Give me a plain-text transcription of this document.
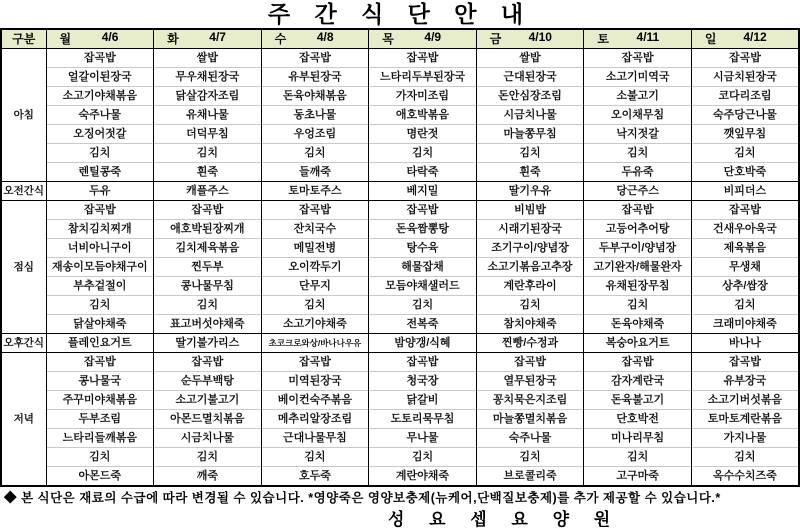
주 간 식 단 안 내
구분	월 4/6	화 4/7	수 4/8	목 4/9	금 4/10	토 4/11	일 4/12

아침	잡곡밥	쌀밥	잡곡밥	잡곡밥	쌀밥	잡곡밥	잡곡밥
	얼갈이된장국	무우채된장국	유부된장국	느타리두부된장국	근대된장국	소고기미역국	시금치된장국
	소고기야채볶음	닭살감자조림	돈육야채볶음	가자미조림	돈안심장조림	소불고기	코다리조림
	숙주나물	유채나물	동초나물	애호박볶음	시금치나물	오이채무침	숙주당근나물
	오징어젓갈	더덕무침	우엉조림	명란젓	마늘쫑무침	낙지젓갈	깻잎무침
	김치	김치	김치	김치	김치	김치	김치
	렌틸콩죽	흰죽	들깨죽	타락죽	흰죽	두유죽	단호박죽
오전간식	두유	캐플주스	토마토주스	베지밀	딸기우유	당근주스	비피더스
점심	잡곡밥	잡곡밥	잡곡밥	잡곡밥	비빔밥	잡곡밥	잡곡밥
	참치김치찌개	애호박된장찌개	잔치국수	돈육짬뽕탕	시래기된장국	고등어추어탕	건새우아욱국
	너비아니구이	김치제육볶음	메밀전병	탕수육	조기구이/양념장	두부구이/양념장	제육볶음
	재송이모듬야채구이	찐두부	오이깍두기	해물잡채	소고기볶음고추장	고기완자/해물완자	무생채
	부추겉절이	콩나물무침	단무지	모듬야채샐러드	계란후라이	유채된장무침	상추/쌈장
	김치	김치	김치	김치	김치	김치	김치
	닭살야채죽	표고버섯야채죽	소고기야채죽	전복죽	참치야채죽	돈육야채죽	크래미야채죽
오후간식	플레인요거트	딸기불가리스	초코크로와상/바나나우유	밤양갱/식혜	찐빵/수정과	복숭아요거트	바나나
저녁	잡곡밥	잡곡밥	잡곡밥	잡곡밥	잡곡밥	잡곡밥	잡곡밥
	콩나물국	순두부백탕	미역된장국	청국장	열무된장국	감자계란국	유부장국
	주꾸미야채볶음	소고기불고기	베이컨숙주볶음	닭갈비	꽁치묵은지조림	돈육불고기	소고기버섯볶음
	두부조림	아몬드멸치볶음	메추리알장조림	도토리묵무침	마늘쫑멸치볶음	단호박전	토마토계란볶음
	느타리들깨볶음	시금치나물	근대나물무침	무나물	숙주나물	미나리무침	가지나물
	김치	김치	김치	김치	김치	김치	김치
	아몬드죽	깨죽	호두죽	계란야채죽	브로콜리죽	고구마죽	옥수수치즈죽
◆ 본 식단은 재료의 수급에 따라 변경될 수 있습니다. *영양죽은 영양보충제(뉴케어,단백질보충제)를 추가 제공할 수 있습니다.*
성 요 셉 요 양 원
